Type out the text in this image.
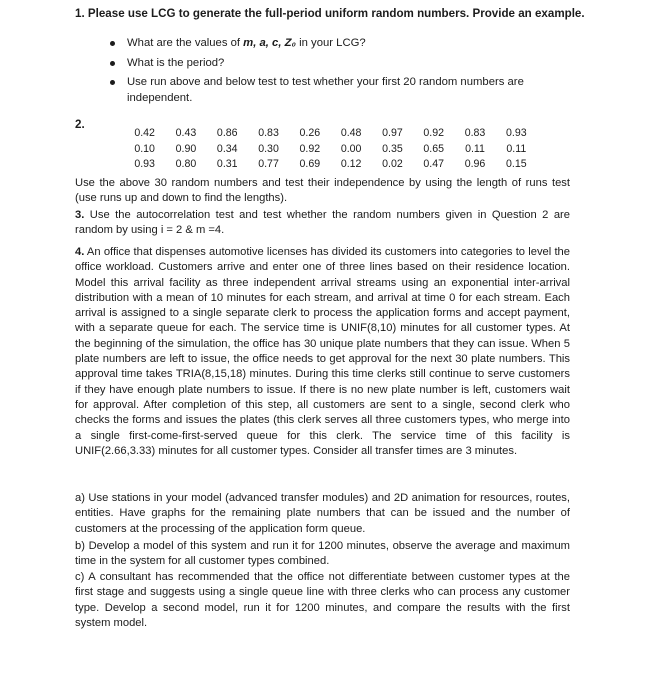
1. Please use LCG to generate the full-period uniform random numbers. Provide an example.
What are the values of m, a, c, Z₀ in your LCG?
What is the period?
Use run above and below test to test whether your first 20 random numbers are independent.
2.
0.42	0.43	0.86	0.83	0.26	0.48	0.97	0.92	0.83	0.93
0.10	0.90	0.34	0.30	0.92	0.00	0.35	0.65	0.11	0.11
0.93	0.80	0.31	0.77	0.69	0.12	0.02	0.47	0.96	0.15

Use the above 30 random numbers and test their independence by using the length of runs test (use runs up and down to find the lengths).

3. Use the autocorrelation test and test whether the random numbers given in Question 2 are random by using i = 2 & m =4.

4. An office that dispenses automotive licenses has divided its customers into categories to level the office workload. Customers arrive and enter one of three lines based on their residence location. Model this arrival facility as three independent arrival streams using an exponential inter-arrival distribution with a mean of 10 minutes for each stream, and arrival at time 0 for each stream. Each arrival is assigned to a single separate clerk to process the application forms and accept payment, with a separate queue for each. The service time is UNIF(8,10) minutes for all customer types. At the beginning of the simulation, the office has 30 unique plate numbers that they can issue. When 5 plate numbers are left to issue, the office needs to get approval for the next 30 plate numbers. This approval time takes TRIA(8,15,18) minutes. During this time clerks still continue to serve customers if they have enough plate numbers to issue. If there is no new plate number is left, customers wait for approval. After completion of this step, all customers are sent to a single, second clerk who checks the forms and issues the plates (this clerk serves all three customers types, who merge into a single first-come-first-served queue for this clerk. The service time of this facility is UNIF(2.66,3.33) minutes for all customer types. Consider all transfer times are 3 minutes.

a) Use stations in your model (advanced transfer modules) and 2D animation for resources, routes, entities. Have graphs for the remaining plate numbers that can be issued and the number of customers at the processing of the application form queue.

b) Develop a model of this system and run it for 1200 minutes, observe the average and maximum time in the system for all customer types combined.

c) A consultant has recommended that the office not differentiate between customer types at the first stage and suggests using a single queue line with three clerks who can process any customer type. Develop a second model, run it for 1200 minutes, and compare the results with the first system model.
